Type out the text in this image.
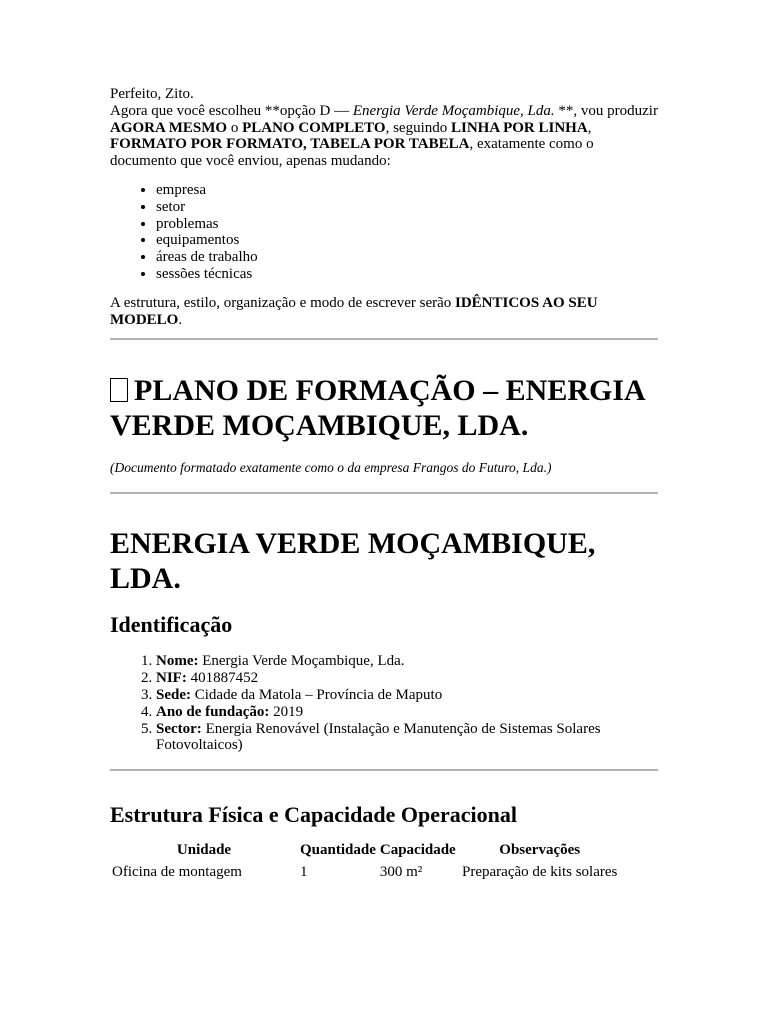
Perfeito, Zito.

Agora que você escolheu **opção D — Energia Verde Moçambique, Lda. **, vou produzir AGORA MESMO o PLANO COMPLETO, seguindo LINHA POR LINHA, FORMATO POR FORMATO, TABELA POR TABELA, exatamente como o documento que você enviou, apenas mudando:

• empresa
• setor
• problemas
• equipamentos
• áreas de trabalho
• sessões técnicas

A estrutura, estilo, organização e modo de escrever serão IDÊNTICOS AO SEU MODELO.

PLANO DE FORMAÇÃO – ENERGIA VERDE MOÇAMBIQUE, LDA.

(Documento formatado exatamente como o da empresa Frangos do Futuro, Lda.)

ENERGIA VERDE MOÇAMBIQUE, LDA.
Identificação
1. Nome: Energia Verde Moçambique, Lda.
2. NIF: 401887452
3. Sede: Cidade da Matola – Província de Maputo
4. Ano de fundação: 2019
5. Sector: Energia Renovável (Instalação e Manutenção de Sistemas Solares Fotovoltaicos)
Estrutura Física e Capacidade Operacional
Unidade	Quantidade	Capacidade	Observações
Oficina de montagem	1	300 m²	Preparação de kits solares
